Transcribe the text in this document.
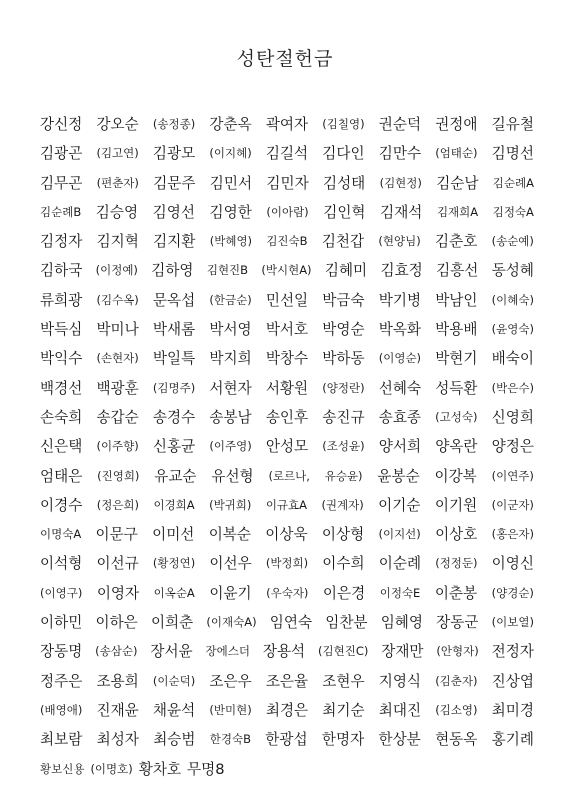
성탄절헌금
강신정 강오순 (송정종) 강춘옥 곽여자 (김칠영) 권순덕 권정애 길유철
김광곤 (김고연) 김광모 (이지혜) 김길석 김다인 김만수 (엄태순) 김명선
김무곤 (편춘자) 김문주 김민서 김민자 김성태 (김현정) 김순남 김순례A
김순례B 김승영 김영선 김영한 (이아람) 김인혁 김재석 김재희A 김정숙A
김정자 김지혁 김지환 (박혜영) 김진숙B 김천갑 (현양님) 김춘호 (송순예)
김하국 (이정예) 김하영 김현진B (박시현A) 김혜미 김효정 김흥선 동성혜
류희광 (김수옥) 문옥섭 (한금순) 민선일 박금숙 박기병 박남인 (이혜숙)
박득심 박미나 박새롬 박서영 박서호 박영순 박옥화 박용배 (윤영숙)
박익수 (손현자) 박일특 박지희 박창수 박하동 (이영순) 박현기 배숙이
백경선 백광훈 (김명주) 서현자 서황원 (양정란) 선혜숙 성득환 (박은수)
손숙희 송갑순 송경수 송봉남 송인후 송진규 송효종 (고성숙) 신영희
신은택 (이주향) 신홍균 (이주영) 안성모 (조성윤) 양서희 양옥란 양정은
엄태은 (진영희) 유교순 유선형 (로르나, 유승윤) 윤봉순 이강복 (이연주)
이경수 (정은희) 이경희A (박귀희) 이규효A (권계자) 이기순 이기원 (이군자)
이명숙A 이문구 이미선 이복순 이상욱 이상형 (이지선) 이상호 (홍은자)
이석형 이선규 (황정연) 이선우 (박정희) 이수희 이순례 (정정둔) 이영신
(이영구) 이영자 이옥순A 이윤기 (우숙자) 이은경 이정숙E 이춘봉 (양경순)
이하민 이하은 이희춘 (이재숙A) 임연숙 임찬분 임혜영 장동군 (이보열)
장동명 (송삼순) 장서윤 장에스더 장용석 (김현진C) 장재만 (안형자) 전정자
정주은 조용희 (이순덕) 조은우 조은율 조현우 지영식 (김춘자) 진상엽
(배영애) 진재윤 채윤석 (반미현) 최경은 최기순 최대진 (김소영) 최미경
최보람 최성자 최승범 한경숙B 한광섭 한명자 한상분 현동옥 홍기례
황보신용 (이명호) 황차호 무명8
